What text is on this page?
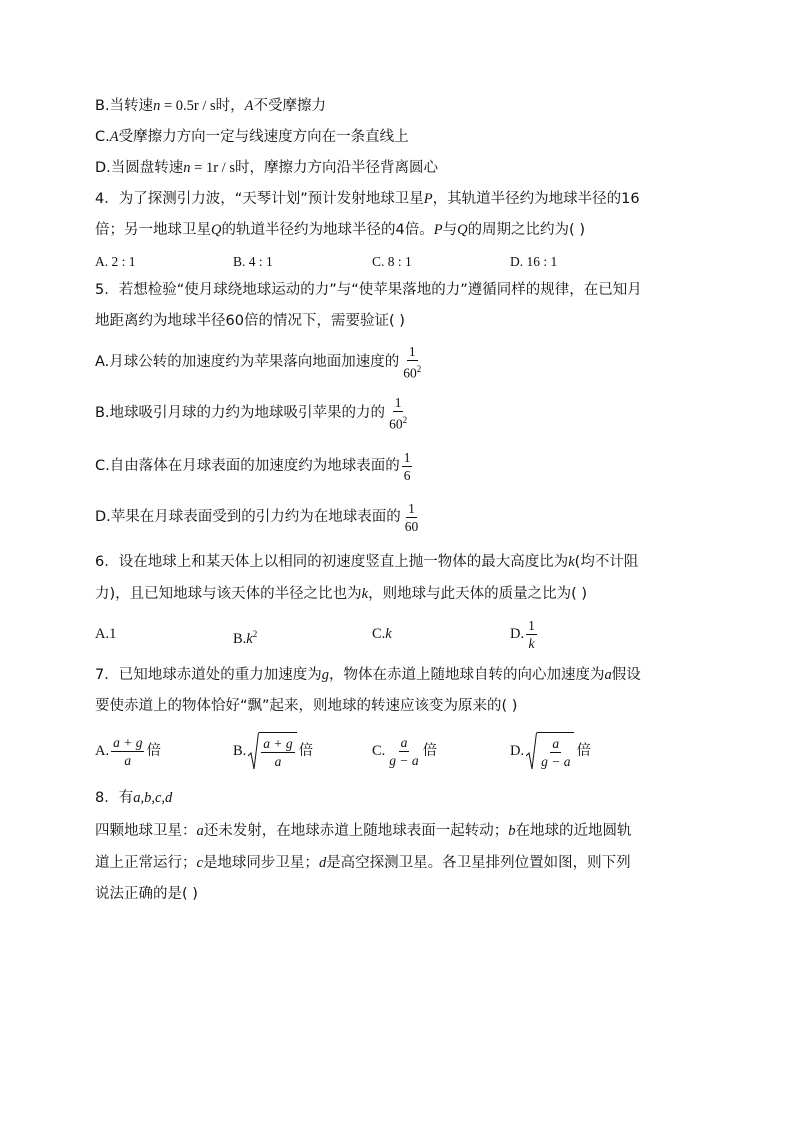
B.当转速n = 0.5r / s时，A不受摩擦力
C.A受摩擦力方向一定与线速度方向在一条直线上
D.当圆盘转速n = 1r / s时，摩擦力方向沿半径背离圆心
4．为了探测引力波，“天琴计划”预计发射地球卫星P，其轨道半径约为地球半径的16
倍；另一地球卫星Q的轨道半径约为地球半径的4倍。P与Q的周期之比约为( )
A. 2 : 1	B. 4 : 1	C. 8 : 1	D. 16 : 1
5．若想检验“使月球绕地球运动的力”与“使苹果落地的力”遵循同样的规律，在已知月
地距离约为地球半径60倍的情况下，需要验证( )
A.月球公转的加速度约为苹果落向地面加速度的 $\frac{1}{60^2}$
B.地球吸引月球的力约为地球吸引苹果的力的 $\frac{1}{60^2}$
C.自由落体在月球表面的加速度约为地球表面的 $\frac{1}{6}$
D.苹果在月球表面受到的引力约为在地球表面的 $\frac{1}{60}$
6．设在地球上和某天体上以相同的初速度竖直上抛一物体的最大高度比为k(均不计阻
力)，且已知地球与该天体的半径之比也为k，则地球与此天体的质量之比为( )
A.1	$B.k^2$	C.k	D. $\frac{1}{k}$
7．已知地球赤道处的重力加速度为g，物体在赤道上随地球自转的向心加速度为a假设
要使赤道上的物体恰好“飘”起来，则地球的转速应该变为原来的( )
A. $\frac{a + g}{a}$ 倍	B. $\frac{a + g}{a}$ 倍	C. $\frac{a}{g - a}$ 倍	D. $\frac{a}{g - a}$ 倍
8．有a,b,c,d
四颗地球卫星：a还未发射，在地球赤道上随地球表面一起转动；b在地球的近地圆轨
道上正常运行；c是地球同步卫星；d是高空探测卫星。各卫星排列位置如图，则下列
说法正确的是( )
